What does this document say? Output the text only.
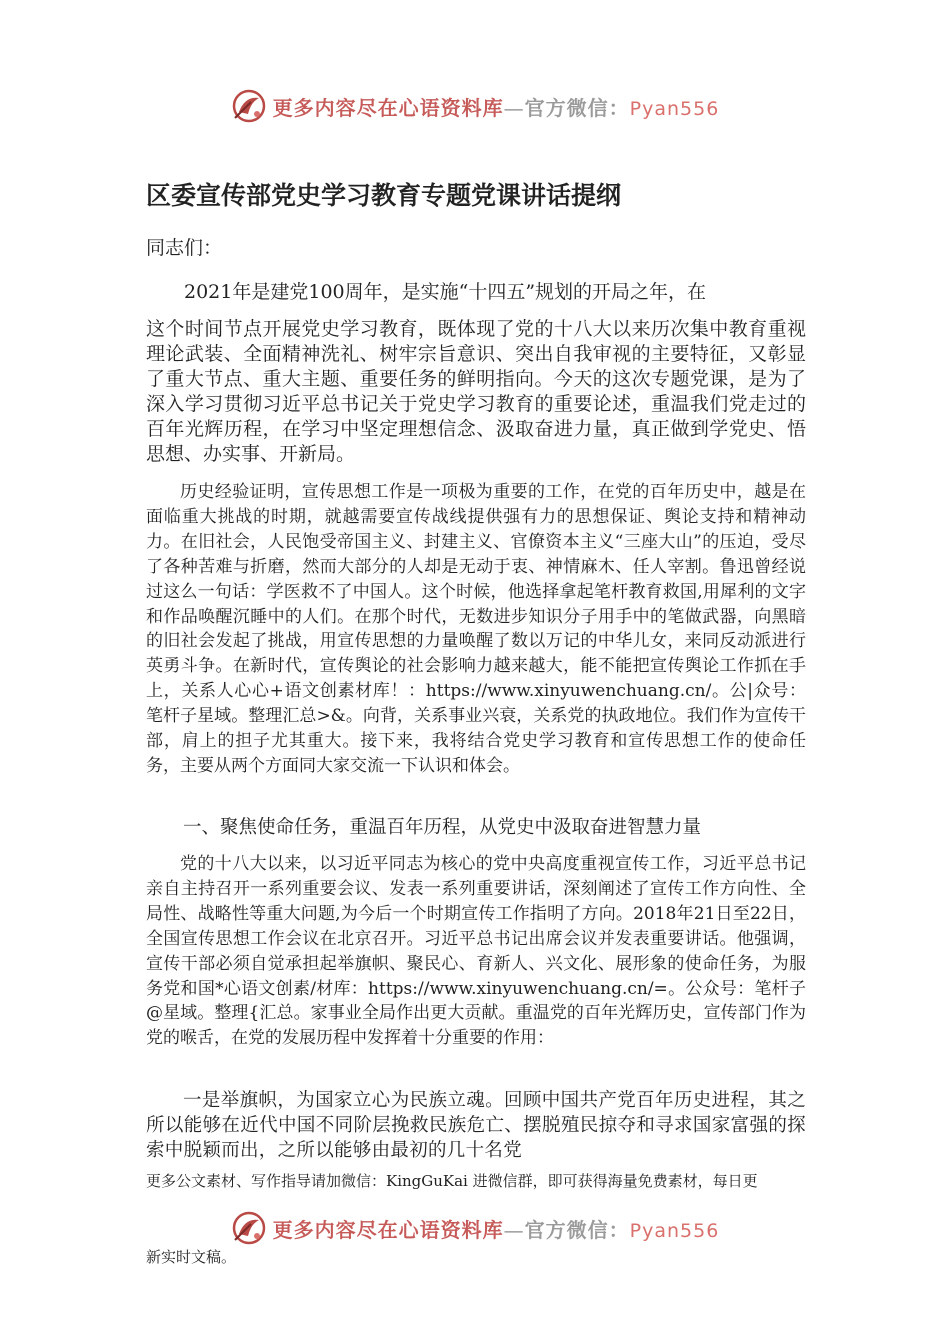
更多内容尽在心语资料库—官方微信：Pyan556
区委宣传部党史学习教育专题党课讲话提纲

同志们：

2021年是建党100周年，是实施“十四五”规划的开局之年，在
这个时间节点开展党史学习教育，既体现了党的十八大以来历次集中教育重视理论武装、全面精神洗礼、树牢宗旨意识、突出自我审视的主要特征，又彰显了重大节点、重大主题、重要任务的鲜明指向。今天的这次专题党课，是为了深入学习贯彻习近平总书记关于党史学习教育的重要论述，重温我们党走过的百年光辉历程，在学习中坚定理想信念、汲取奋进力量，真正做到学党史、悟思想、办实事、开新局。

历史经验证明，宣传思想工作是一项极为重要的工作，在党的百年历史中，越是在面临重大挑战的时期，就越需要宣传战线提供强有力的思想保证、舆论支持和精神动力。在旧社会，人民饱受帝国主义、封建主义、官僚资本主义“三座大山”的压迫，受尽了各种苦难与折磨，然而大部分的人却是无动于衷、神情麻木、任人宰割。鲁迅曾经说过这么一句话：学医救不了中国人。这个时候，他选择拿起笔杆教育救国,用犀利的文字和作品唤醒沉睡中的人们。在那个时代，无数进步知识分子用手中的笔做武器，向黑暗的旧社会发起了挑战，用宣传思想的力量唤醒了数以万记的中华儿女，来同反动派进行英勇斗争。在新时代，宣传舆论的社会影响力越来越大，能不能把宣传舆论工作抓在手上，关系人心心+语文创素材库！：https://www.xinyuwenchuang.cn/。公|众号：笔杆子星域。整理汇总>&。向背，关系事业兴衰，关系党的执政地位。我们作为宣传干部，肩上的担子尤其重大。接下来，我将结合党史学习教育和宣传思想工作的使命任务，主要从两个方面同大家交流一下认识和体会。

一、聚焦使命任务，重温百年历程，从党史中汲取奋进智慧力量

党的十八大以来，以习近平同志为核心的党中央高度重视宣传工作，习近平总书记亲自主持召开一系列重要会议、发表一系列重要讲话，深刻阐述了宣传工作方向性、全局性、战略性等重大问题,为今后一个时期宣传工作指明了方向。2018年21日至22日，全国宣传思想工作会议在北京召开。习近平总书记出席会议并发表重要讲话。他强调，宣传干部必须自觉承担起举旗帜、聚民心、育新人、兴文化、展形象的使命任务，为服务党和国*心语文创素/材库：https://www.xinyuwenchuang.cn/=。公众号：笔杆子@星域。整理{汇总。家事业全局作出更大贡献。重温党的百年光辉历史，宣传部门作为党的喉舌，在党的发展历程中发挥着十分重要的作用：

一是举旗帜，为国家立心为民族立魂。回顾中国共产党百年历史进程，其之所以能够在近代中国不同阶层挽救民族危亡、摆脱殖民掠夺和寻求国家富强的探索中脱颖而出，之所以能够由最初的几十名党

更多公文素材、写作指导请加微信：KingGuKai 进微信群，即可获得海量免费素材，每日更

更多内容尽在心语资料库—官方微信：Pyan556

新实时文稿。
